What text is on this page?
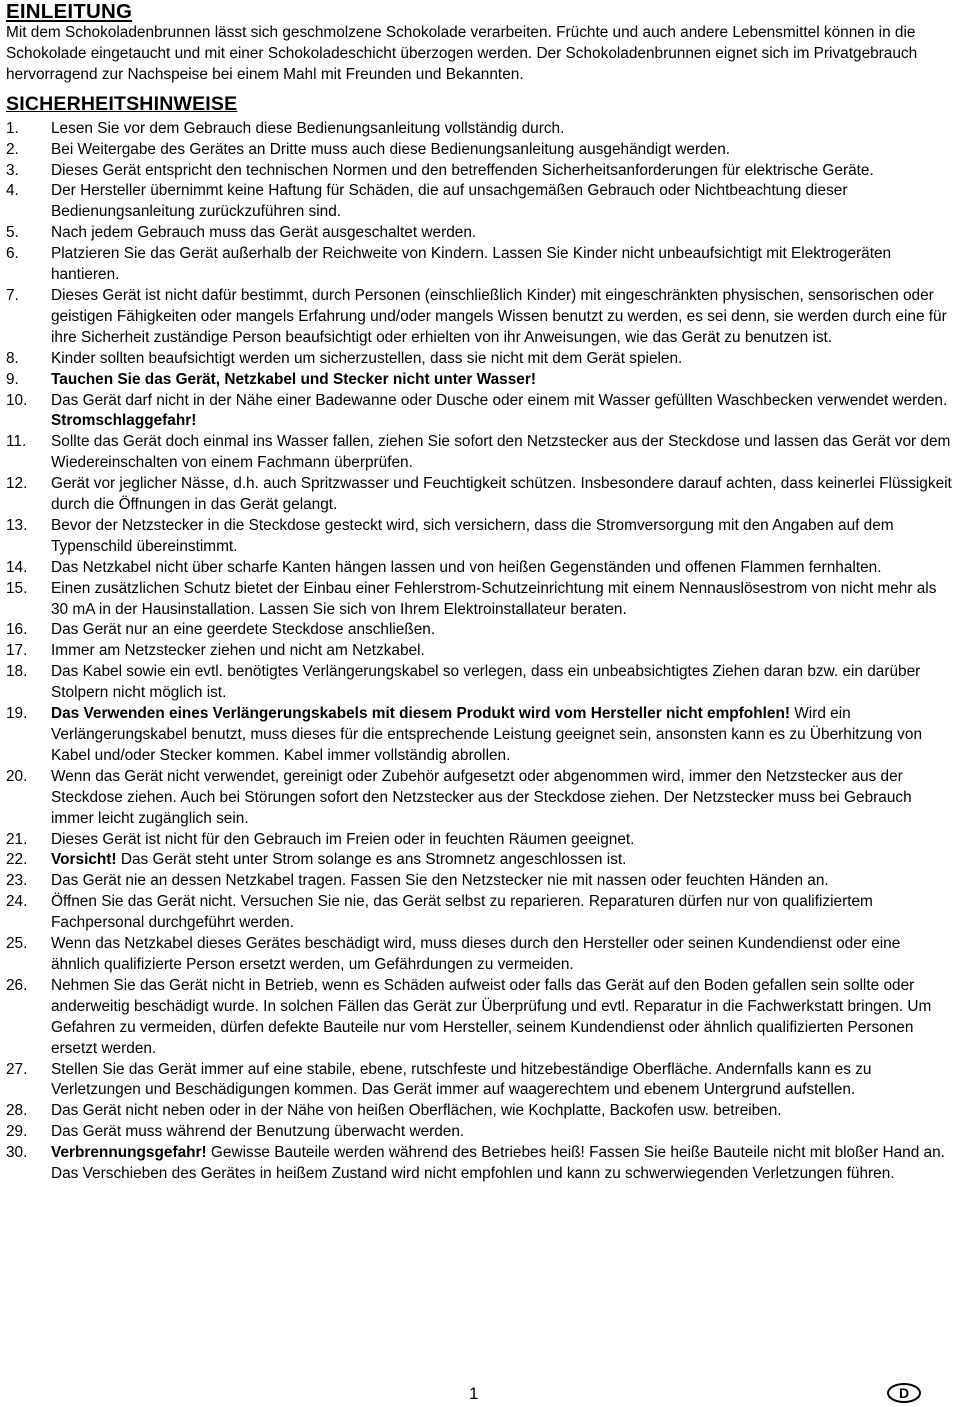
EINLEITUNG

Mit dem Schokoladenbrunnen lässt sich geschmolzene Schokolade verarbeiten. Früchte und auch andere Lebensmittel können in die Schokolade eingetaucht und mit einer Schokoladeschicht überzogen werden. Der Schokoladenbrunnen eignet sich im Privatgebrauch hervorragend zur Nachspeise bei einem Mahl mit Freunden und Bekannten.

SICHERHEITSHINWEISE
1.	Lesen Sie vor dem Gebrauch diese Bedienungsanleitung vollständig durch.
2.	Bei Weitergabe des Gerätes an Dritte muss auch diese Bedienungsanleitung ausgehändigt werden.
3.	Dieses Gerät entspricht den technischen Normen und den betreffenden Sicherheitsanforderungen für elektrische Geräte.
4.	Der Hersteller übernimmt keine Haftung für Schäden, die auf unsachgemäßen Gebrauch oder Nichtbeachtung dieser Bedienungsanleitung zurückzuführen sind.
5.	Nach jedem Gebrauch muss das Gerät ausgeschaltet werden.
6.	Platzieren Sie das Gerät außerhalb der Reichweite von Kindern. Lassen Sie Kinder nicht unbeaufsichtigt mit Elektrogeräten hantieren.
7.	Dieses Gerät ist nicht dafür bestimmt, durch Personen (einschließlich Kinder) mit eingeschränkten physischen, sensorischen oder geistigen Fähigkeiten oder mangels Erfahrung und/oder mangels Wissen benutzt zu werden, es sei denn, sie werden durch eine für ihre Sicherheit zuständige Person beaufsichtigt oder erhielten von ihr Anweisungen, wie das Gerät zu benutzen ist.
8.	Kinder sollten beaufsichtigt werden um sicherzustellen, dass sie nicht mit dem Gerät spielen.
9.	Tauchen Sie das Gerät, Netzkabel und Stecker nicht unter Wasser!
10.	Das Gerät darf nicht in der Nähe einer Badewanne oder Dusche oder einem mit Wasser gefüllten Waschbecken verwendet werden. Stromschlaggefahr!
11.	Sollte das Gerät doch einmal ins Wasser fallen, ziehen Sie sofort den Netzstecker aus der Steckdose und lassen das Gerät vor dem Wiedereinschalten von einem Fachmann überprüfen.
12.	Gerät vor jeglicher Nässe, d.h. auch Spritzwasser und Feuchtigkeit schützen. Insbesondere darauf achten, dass keinerlei Flüssigkeit durch die Öffnungen in das Gerät gelangt.
13.	Bevor der Netzstecker in die Steckdose gesteckt wird, sich versichern, dass die Stromversorgung mit den Angaben auf dem Typenschild übereinstimmt.
14.	Das Netzkabel nicht über scharfe Kanten hängen lassen und von heißen Gegenständen und offenen Flammen fernhalten.
15.	Einen zusätzlichen Schutz bietet der Einbau einer Fehlerstrom-Schutzeinrichtung mit einem Nennauslösestrom von nicht mehr als 30 mA in der Hausinstallation. Lassen Sie sich von Ihrem Elektroinstallateur beraten.
16.	Das Gerät nur an eine geerdete Steckdose anschließen.
17.	Immer am Netzstecker ziehen und nicht am Netzkabel.
18.	Das Kabel sowie ein evtl. benötigtes Verlängerungskabel so verlegen, dass ein unbeabsichtigtes Ziehen daran bzw. ein darüber Stolpern nicht möglich ist.
19.	Das Verwenden eines Verlängerungskabels mit diesem Produkt wird vom Hersteller nicht empfohlen! Wird ein Verlängerungskabel benutzt, muss dieses für die entsprechende Leistung geeignet sein, ansonsten kann es zu Überhitzung von Kabel und/oder Stecker kommen. Kabel immer vollständig abrollen.
20.	Wenn das Gerät nicht verwendet, gereinigt oder Zubehör aufgesetzt oder abgenommen wird, immer den Netzstecker aus der Steckdose ziehen. Auch bei Störungen sofort den Netzstecker aus der Steckdose ziehen. Der Netzstecker muss bei Gebrauch immer leicht zugänglich sein.
21.	Dieses Gerät ist nicht für den Gebrauch im Freien oder in feuchten Räumen geeignet.
22.	Vorsicht! Das Gerät steht unter Strom solange es ans Stromnetz angeschlossen ist.
23.	Das Gerät nie an dessen Netzkabel tragen. Fassen Sie den Netzstecker nie mit nassen oder feuchten Händen an.
24.	Öffnen Sie das Gerät nicht. Versuchen Sie nie, das Gerät selbst zu reparieren. Reparaturen dürfen nur von qualifiziertem Fachpersonal durchgeführt werden.
25.	Wenn das Netzkabel dieses Gerätes beschädigt wird, muss dieses durch den Hersteller oder seinen Kundendienst oder eine ähnlich qualifizierte Person ersetzt werden, um Gefährdungen zu vermeiden.
26.	Nehmen Sie das Gerät nicht in Betrieb, wenn es Schäden aufweist oder falls das Gerät auf den Boden gefallen sein sollte oder anderweitig beschädigt wurde. In solchen Fällen das Gerät zur Überprüfung und evtl. Reparatur in die Fachwerkstatt bringen. Um Gefahren zu vermeiden, dürfen defekte Bauteile nur vom Hersteller, seinem Kundendienst oder ähnlich qualifizierten Personen ersetzt werden.
27.	Stellen Sie das Gerät immer auf eine stabile, ebene, rutschfeste und hitzebeständige Oberfläche. Andernfalls kann es zu Verletzungen und Beschädigungen kommen. Das Gerät immer auf waagerechtem und ebenem Untergrund aufstellen.
28.	Das Gerät nicht neben oder in der Nähe von heißen Oberflächen, wie Kochplatte, Backofen usw. betreiben.
29.	Das Gerät muss während der Benutzung überwacht werden.
30.	Verbrennungsgefahr! Gewisse Bauteile werden während des Betriebes heiß! Fassen Sie heiße Bauteile nicht mit bloßer Hand an. Das Verschieben des Gerätes in heißem Zustand wird nicht empfohlen und kann zu schwerwiegenden Verletzungen führen.
1	D
